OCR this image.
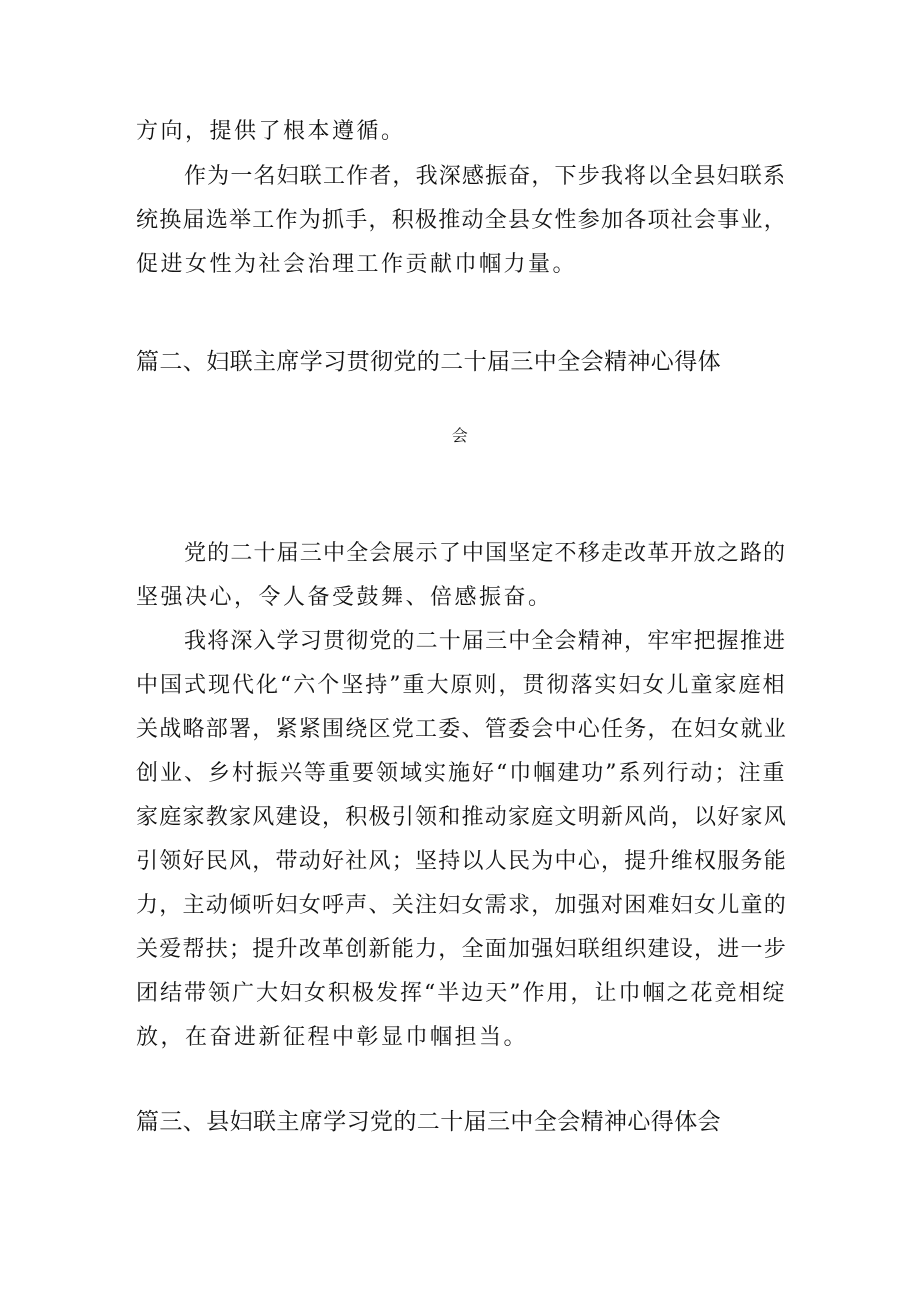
方向，提供了根本遵循。
作为一名妇联工作者，我深感振奋，下步我将以全县妇联系
统换届选举工作为抓手，积极推动全县女性参加各项社会事业，
促进女性为社会治理工作贡献巾帼力量。
篇二、妇联主席学习贯彻党的二十届三中全会精神心得体
会
党的二十届三中全会展示了中国坚定不移走改革开放之路的
坚强决心，令人备受鼓舞、倍感振奋。
我将深入学习贯彻党的二十届三中全会精神，牢牢把握推进
中国式现代化“六个坚持”重大原则，贯彻落实妇女儿童家庭相
关战略部署，紧紧围绕区党工委、管委会中心任务，在妇女就业
创业、乡村振兴等重要领域实施好“巾帼建功”系列行动；注重
家庭家教家风建设，积极引领和推动家庭文明新风尚，以好家风
引领好民风，带动好社风；坚持以人民为中心，提升维权服务能
力，主动倾听妇女呼声、关注妇女需求，加强对困难妇女儿童的
关爱帮扶；提升改革创新能力，全面加强妇联组织建设，进一步
团结带领广大妇女积极发挥“半边天”作用，让巾帼之花竞相绽
放，在奋进新征程中彰显巾帼担当。
篇三、县妇联主席学习党的二十届三中全会精神心得体会
